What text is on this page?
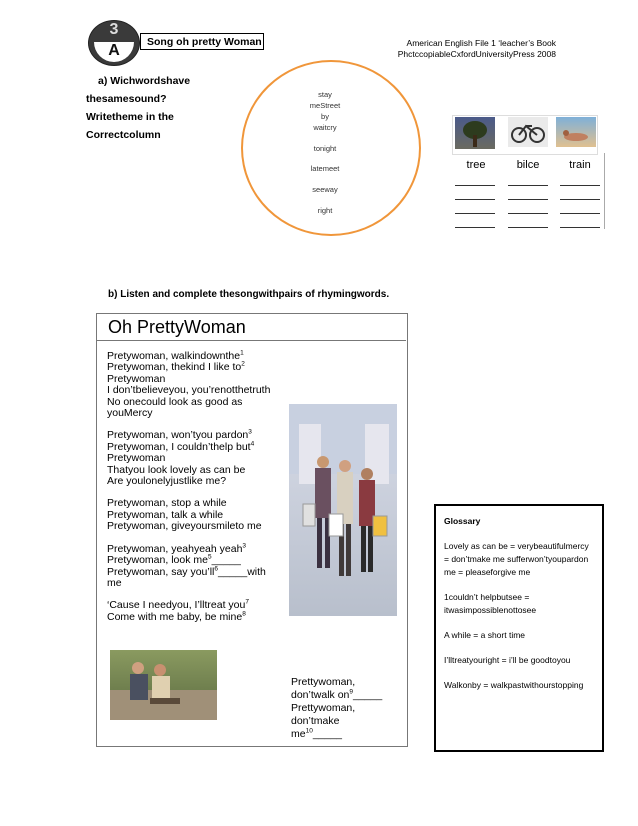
3
A	Song oh pretty Woman	American English File 1 ‘leacher’s Book
PhctccopiableCxfordUniversityPress 2008
a) Wichwordshave
thesamesound?
Writetheme in the
Correctcolumn
stay
meStreet
by
waitcry
tonight
latemeet
seeway
right
tree	bilce	train
b) Listen and complete thesongwithpairs of rhymingwords.
Oh PrettyWoman

Pretywoman, walkindownthe$^1$

Pretywoman, thekind I like $to^2$

Pretywoman

I don’tbelieveyou, you’renotthetruth

No onecould look as good as

youMercy

Pretywoman, won’tyou pardon$^3$

Pretywoman, I couldn’thelp but$^4$

Pretywoman

Thatyou look lovely as can be

Are youlonelyjustlike me?

Pretywoman, stop a while

Pretywoman, talk a while

Pretywoman, giveyoursmileto me

Pretywoman, yeahyeah yeah$^3$

Pretywoman, look $me^5\_\_\_\_\_$

Pretywoman, say $you’ll^6\_\_\_\_\_with$

me

‘Cause I needyou, I’lltreat you$^7$

Come with me baby, be mine$^8$

Prettywoman,

don’twalk $on^9\_\_\_\_\_$

Prettywoman,

don’tmake

$me^{10}\_\_\_\_\_$

Glossary

Lovely as can be = verybeautifulmercy = don’tmake me sufferwon’tyoupardon me = pleaseforgive me

1couldn’t helpbutsee = itwasimpossiblenottosee

A while = a short time

I’lltreatyouright = i’ll be goodtoyou

Walkonby = walkpastwithourstopping
